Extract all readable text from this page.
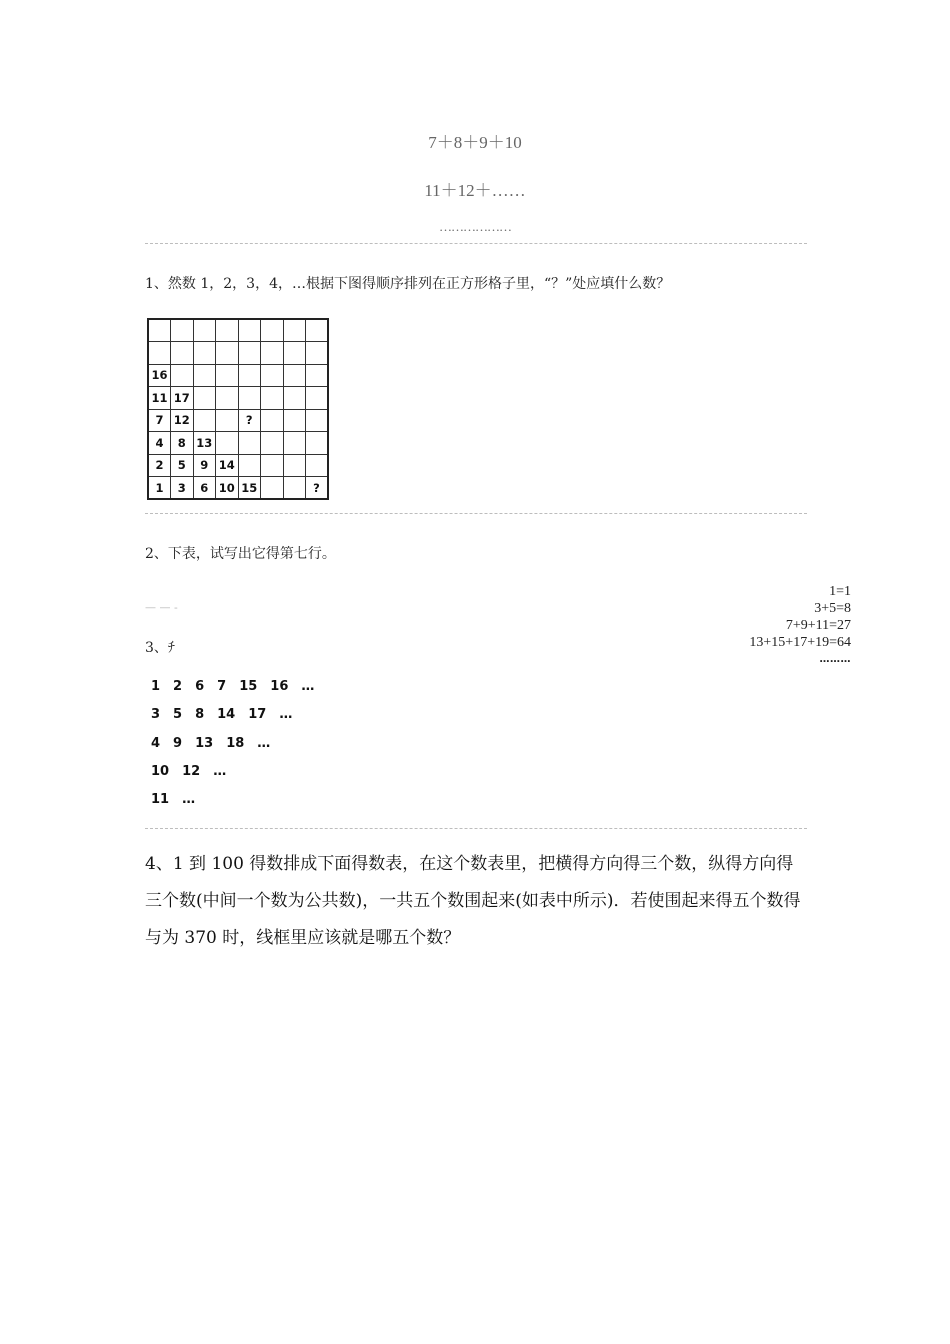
7＋8＋9＋10
11＋12＋……
………………
1、然数 1，2，3，4，…根据下图得顺序排列在正方形格子里，“？”处应填什么数？

16							
11	17						
7	12			?			
4	8	13					
2	5	9	14				
1	3	6	10	15			?
2、下表，试写出它得第七行。
— — -
1=1
3+5=8
7+9+11=27
13+15+17+19=64
………
3、ﾁ
1 2 6 7 15 16 …
3 5 8 14 17 …
4 9 13 18 …
10 12 …
11 …
4、1 到 100 得数排成下面得数表，在这个数表里，把横得方向得三个数，纵得方向得三个数(中间一个数为公共数)，一共五个数围起来(如表中所示)．若使围起来得五个数得与为 370 时，线框里应该就是哪五个数？
